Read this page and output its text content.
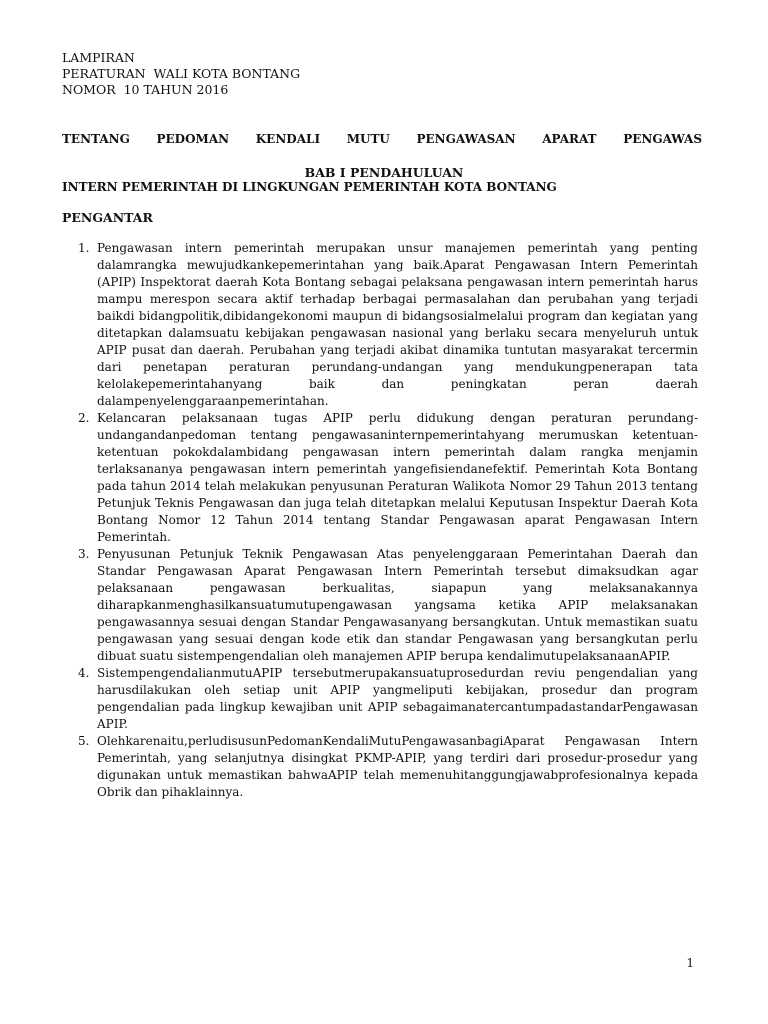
LAMPIRAN
PERATURAN  WALI KOTA BONTANG
NOMOR  10 TAHUN 2016

TENTANG PEDOMAN KENDALI MUTU PENGAWASAN APARAT PENGAWAS

INTERN PEMERINTAH DI LINGKUNGAN PEMERINTAH KOTA BONTANG

BAB I PENDAHULUAN
PENGANTAR
1. Pengawasan intern pemerintah merupakan unsur manajemen pemerintah yang penting dalamrangka mewujudkankepemerintahan yang baik.Aparat Pengawasan Intern Pemerintah (APIP) Inspektorat daerah Kota Bontang sebagai pelaksana pengawasan intern pemerintah harus mampu merespon secara aktif terhadap berbagai permasalahan dan perubahan yang terjadi baikdi bidangpolitik,dibidangekonomi maupun di bidangsosialmelalui program dan kegiatan yang ditetapkan dalamsuatu kebijakan pengawasan nasional yang berlaku secara menyeluruh untuk APIP pusat dan daerah. Perubahan yang terjadi akibat dinamika tuntutan masyarakat tercermin dari penetapan peraturan perundang-undangan yang mendukungpenerapan tata kelolakepemerintahanyang baik dan peningkatan peran daerah dalampenyelenggaraanpemerintahan.
2. Kelancaran pelaksanaan tugas APIP perlu didukung dengan peraturan perundang-undangandanpedoman tentang pengawasaninternpemerintahyang merumuskan ketentuan-ketentuan pokokdalambidang pengawasan intern pemerintah dalam rangka menjamin terlaksananya pengawasan intern pemerintah yangefisiendanefektif. Pemerintah Kota Bontang pada tahun 2014 telah melakukan penyusunan Peraturan Walikota Nomor 29 Tahun 2013 tentang Petunjuk Teknis Pengawasan dan juga telah ditetapkan melalui Keputusan Inspektur Daerah Kota Bontang Nomor 12 Tahun 2014 tentang Standar Pengawasan aparat Pengawasan Intern Pemerintah.
3. Penyusunan Petunjuk Teknik Pengawasan Atas penyelenggaraan Pemerintahan Daerah dan Standar Pengawasan Aparat Pengawasan Intern Pemerintah tersebut dimaksudkan agar pelaksanaan pengawasan berkualitas, siapapun yang melaksanakannya diharapkanmenghasilkansuatumutupengawasan yangsama ketika APIP melaksanakan pengawasannya sesuai dengan Standar Pengawasanyang bersangkutan. Untuk memastikan suatu pengawasan yang sesuai dengan kode etik dan standar Pengawasan yang bersangkutan perlu dibuat suatu sistempengendalian oleh manajemen APIP berupa kendalimutupelaksanaanAPIP.
4. SistempengendalianmutuAPIP tersebutmerupakansuatuprosedurdan reviu pengendalian yang harusdilakukan oleh setiap unit APIP yangmeliputi kebijakan, prosedur dan program pengendalian pada lingkup kewajiban unit APIP sebagaimanatercantumpadastandarPengawasan APIP.
5. Olehkarenaitu,perludisusunPedomanKendaliMutuPengawasanbagiAparat Pengawasan Intern Pemerintah, yang selanjutnya disingkat PKMP-APIP, yang terdiri dari prosedur-prosedur yang digunakan untuk memastikan bahwaAPIP telah memenuhitanggungjawabprofesionalnya kepada Obrik dan pihaklainnya.
1
